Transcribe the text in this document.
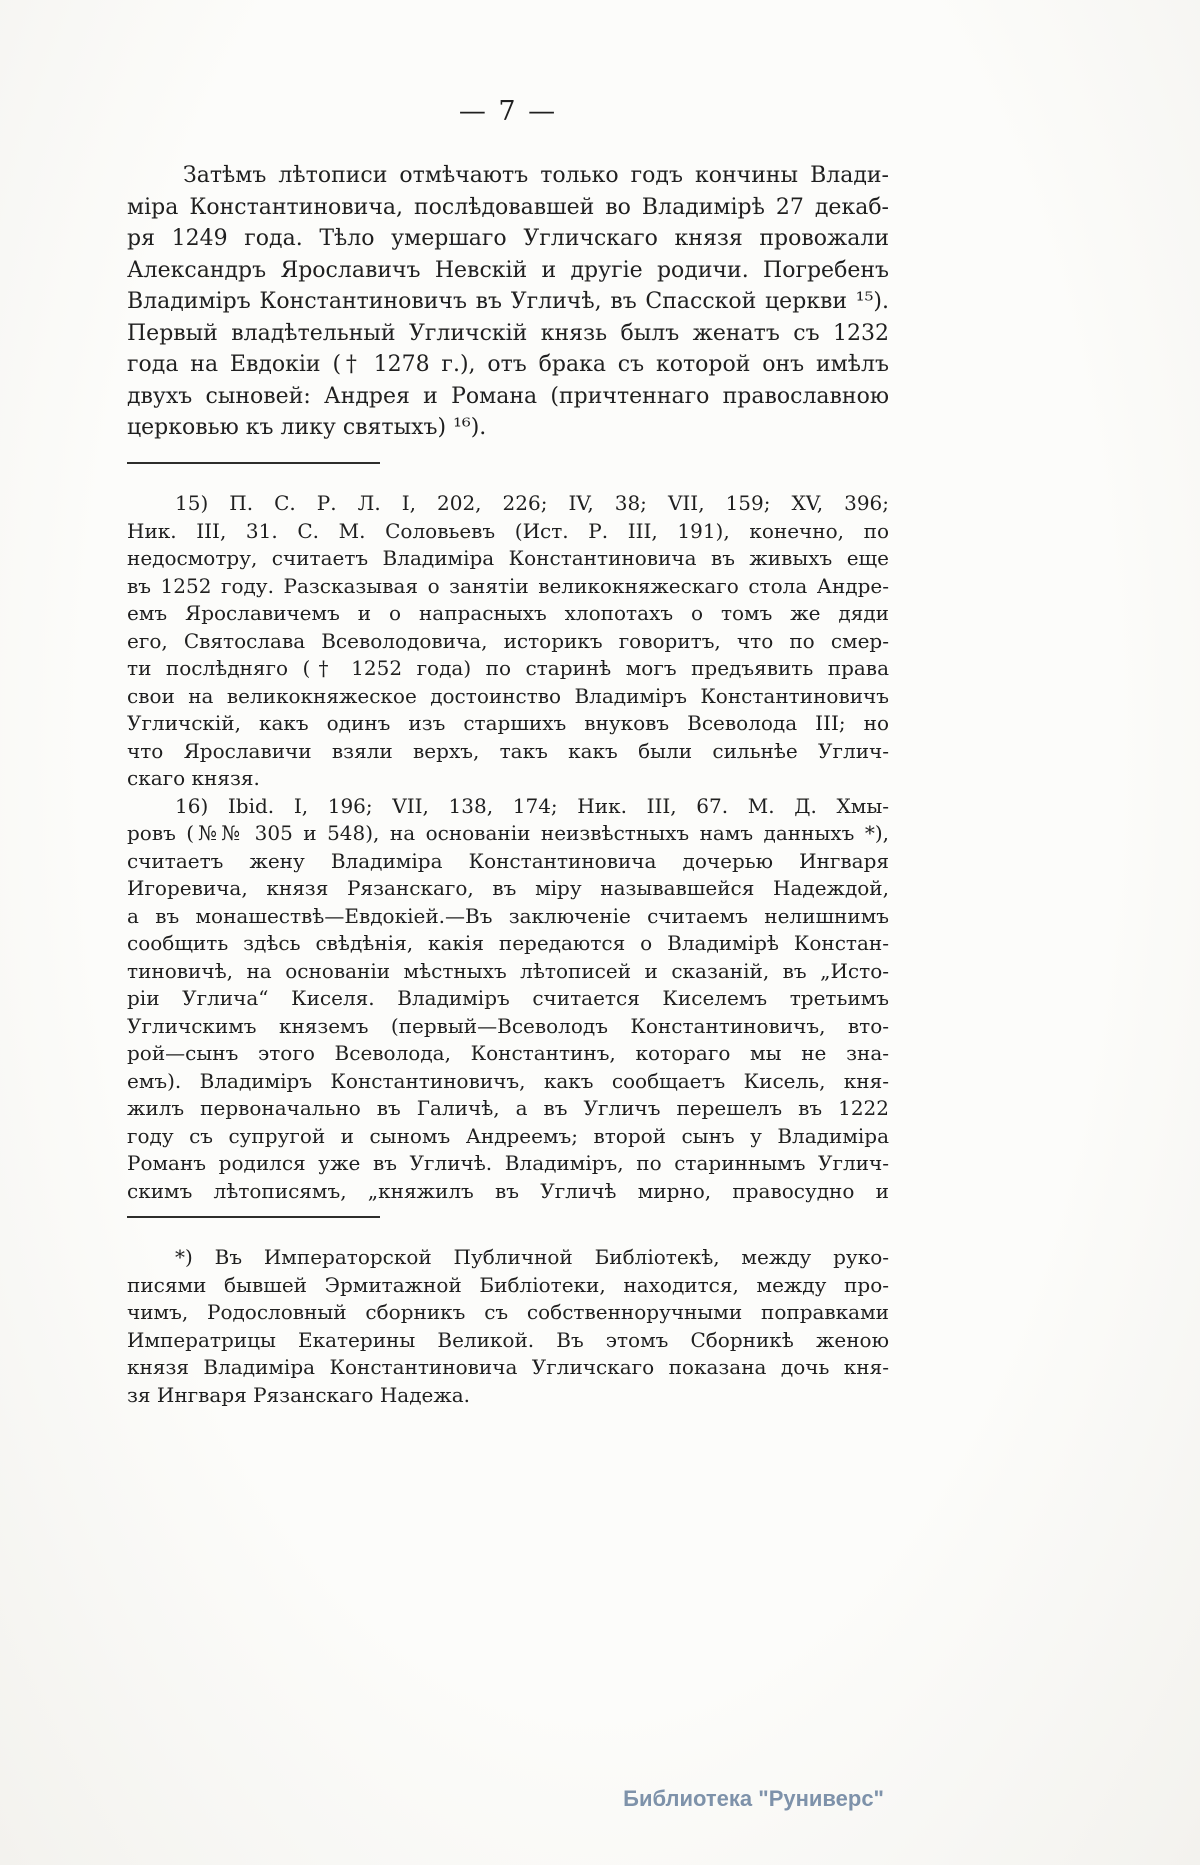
— 7 —
Затѣмъ лѣтописи отмѣчаютъ только годъ кончины Влади-
міра Константиновича, послѣдовавшей во Владимірѣ 27 декаб-
ря 1249 года. Тѣло умершаго Угличскаго князя провожали
Александръ Ярославичъ Невскій и другіе родичи. Погребенъ
Владиміръ Константиновичъ въ Угличѣ, въ Спасской церкви ¹⁵).
Первый владѣтельный Угличскій князь былъ женатъ съ 1232
года на Евдокіи († 1278 г.), отъ брака съ которой онъ имѣлъ
двухъ сыновей: Андрея и Романа (причтеннаго православною
церковью къ лику святыхъ) ¹⁶).
15) П. С. Р. Л. I, 202, 226; IV, 38; VII, 159; XV, 396;
Ник. III, 31. С. М. Соловьевъ (Ист. Р. III, 191), конечно, по
недосмотру, считаетъ Владиміра Константиновича въ живыхъ еще
въ 1252 году. Разсказывая о занятіи великокняжескаго стола Андре-
емъ Ярославичемъ и о напрасныхъ хлопотахъ о томъ же дяди
его, Святослава Всеволодовича, историкъ говоритъ, что по смер-
ти послѣдняго († 1252 года) по старинѣ могъ предъявить права
свои на великокняжеское достоинство Владиміръ Константиновичъ
Угличскій, какъ одинъ изъ старшихъ внуковъ Всеволода III; но
что Ярославичи взяли верхъ, такъ какъ были сильнѣе Углич-
скаго князя.
16) Ibid. I, 196; VII, 138, 174; Ник. III, 67. М. Д. Хмы-
ровъ (№№ 305 и 548), на основаніи неизвѣстныхъ намъ данныхъ *),
считаетъ жену Владиміра Константиновича дочерью Ингваря
Игоревича, князя Рязанскаго, въ міру называвшейся Надеждой,
а въ монашествѣ—Евдокіей.—Въ заключеніе считаемъ нелишнимъ
сообщить здѣсь свѣдѣнія, какія передаются о Владимірѣ Констан-
тиновичѣ, на основаніи мѣстныхъ лѣтописей и сказаній, въ „Исто-
ріи Углича“ Киселя. Владиміръ считается Киселемъ третьимъ
Угличскимъ княземъ (первый—Всеволодъ Константиновичъ, вто-
рой—сынъ этого Всеволода, Константинъ, котораго мы не зна-
емъ). Владиміръ Константиновичъ, какъ сообщаетъ Кисель, кня-
жилъ первоначально въ Галичѣ, а въ Угличъ перешелъ въ 1222
году съ супругой и сыномъ Андреемъ; второй сынъ у Владиміра
Романъ родился уже въ Угличѣ. Владиміръ, по стариннымъ Углич-
скимъ лѣтописямъ, „княжилъ въ Угличѣ мирно, правосудно и
*) Въ Императорской Публичной Библіотекѣ, между руко-
писями бывшей Эрмитажной Библіотеки, находится, между про-
чимъ, Родословный сборникъ съ собственноручными поправками
Императрицы Екатерины Великой. Въ этомъ Сборникѣ женою
князя Владиміра Константиновича Угличскаго показана дочь кня-
зя Ингваря Рязанскаго Надежа.
Библиотека "Руниверс"
